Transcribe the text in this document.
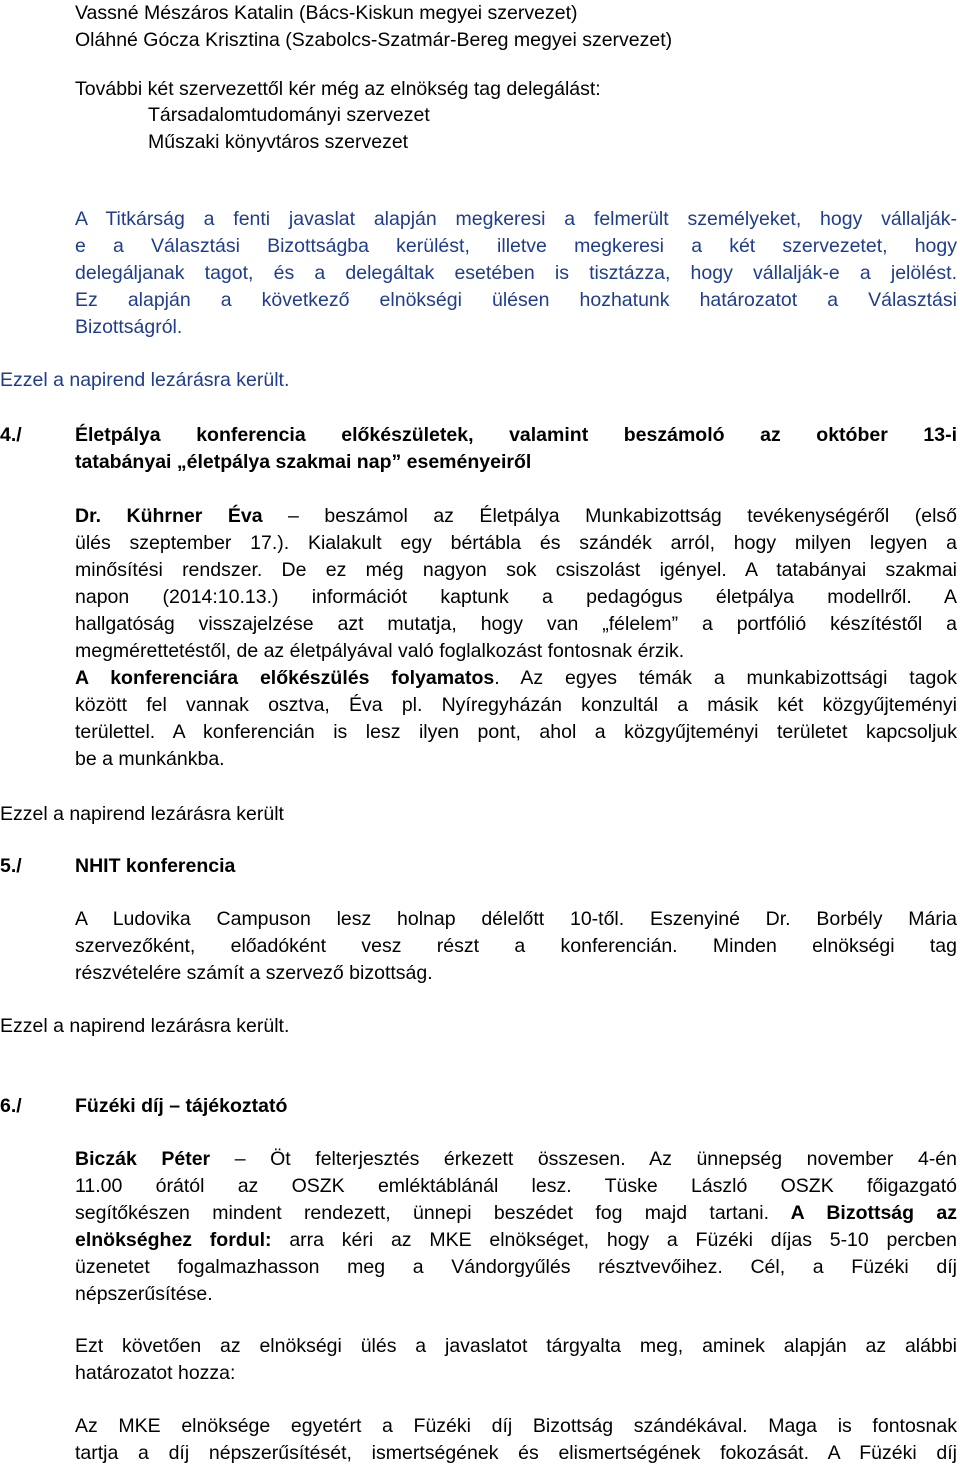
Vassné Mészáros Katalin (Bács-Kiskun megyei szervezet)
Oláhné Gócza Krisztina (Szabolcs-Szatmár-Bereg megyei szervezet)
További két szervezettől kér még az elnökség tag delegálást:
Társadalomtudományi szervezet
Műszaki könyvtáros szervezet
A Titkárság a fenti javaslat alapján megkeresi a felmerült személyeket, hogy vállalják-
e a Választási Bizottságba kerülést, illetve megkeresi a két szervezetet, hogy
delegáljanak tagot, és a delegáltak esetében is tisztázza, hogy vállalják-e a jelölést.
Ez alapján a következő elnökségi ülésen hozhatunk határozatot a Választási
Bizottságról.
Ezzel a napirend lezárásra került.
4./	Életpálya konferencia előkészületek, valamint beszámoló az október 13-i
tatabányai „életpálya szakmai nap” eseményeiről
Dr. Kührner Éva – beszámol az Életpálya Munkabizottság tevékenységéről (első
ülés szeptember 17.). Kialakult egy bértábla és szándék arról, hogy milyen legyen a
minősítési rendszer. De ez még nagyon sok csiszolást igényel. A tatabányai szakmai
napon (2014:10.13.) információt kaptunk a pedagógus életpálya modellről. A
hallgatóság visszajelzése azt mutatja, hogy van „félelem” a portfólió készítéstől a
megmérettetéstől, de az életpályával való foglalkozást fontosnak érzik.
A konferenciára előkészülés folyamatos. Az egyes témák a munkabizottsági tagok
között fel vannak osztva, Éva pl. Nyíregyházán konzultál a másik két közgyűjteményi
területtel. A konferencián is lesz ilyen pont, ahol a közgyűjteményi területet kapcsoljuk
be a munkánkba.
Ezzel a napirend lezárásra került
5./	NHIT konferencia
A Ludovika Campuson lesz holnap délelőtt 10-től. Eszenyiné Dr. Borbély Mária
szervezőként, előadóként vesz részt a konferencián. Minden elnökségi tag
részvételére számít a szervező bizottság.
Ezzel a napirend lezárásra került.
6./	Füzéki díj – tájékoztató
Biczák Péter – Öt felterjesztés érkezett összesen. Az ünnepség november 4-én
11.00 órától az OSZK emléktáblánál lesz. Tüske László OSZK főigazgató
segítőkészen mindent rendezett, ünnepi beszédet fog majd tartani. A Bizottság az
elnökséghez fordul: arra kéri az MKE elnökséget, hogy a Füzéki díjas 5-10 percben
üzenetet fogalmazhasson meg a Vándorgyűlés résztvevőihez. Cél, a Füzéki díj
népszerűsítése.
Ezt követően az elnökségi ülés a javaslatot tárgyalta meg, aminek alapján az alábbi
határozatot hozza:
Az MKE elnöksége egyetért a Füzéki díj Bizottság szándékával. Maga is fontosnak
tartja a díj népszerűsítését, ismertségének és elismertségének fokozását. A Füzéki díj
